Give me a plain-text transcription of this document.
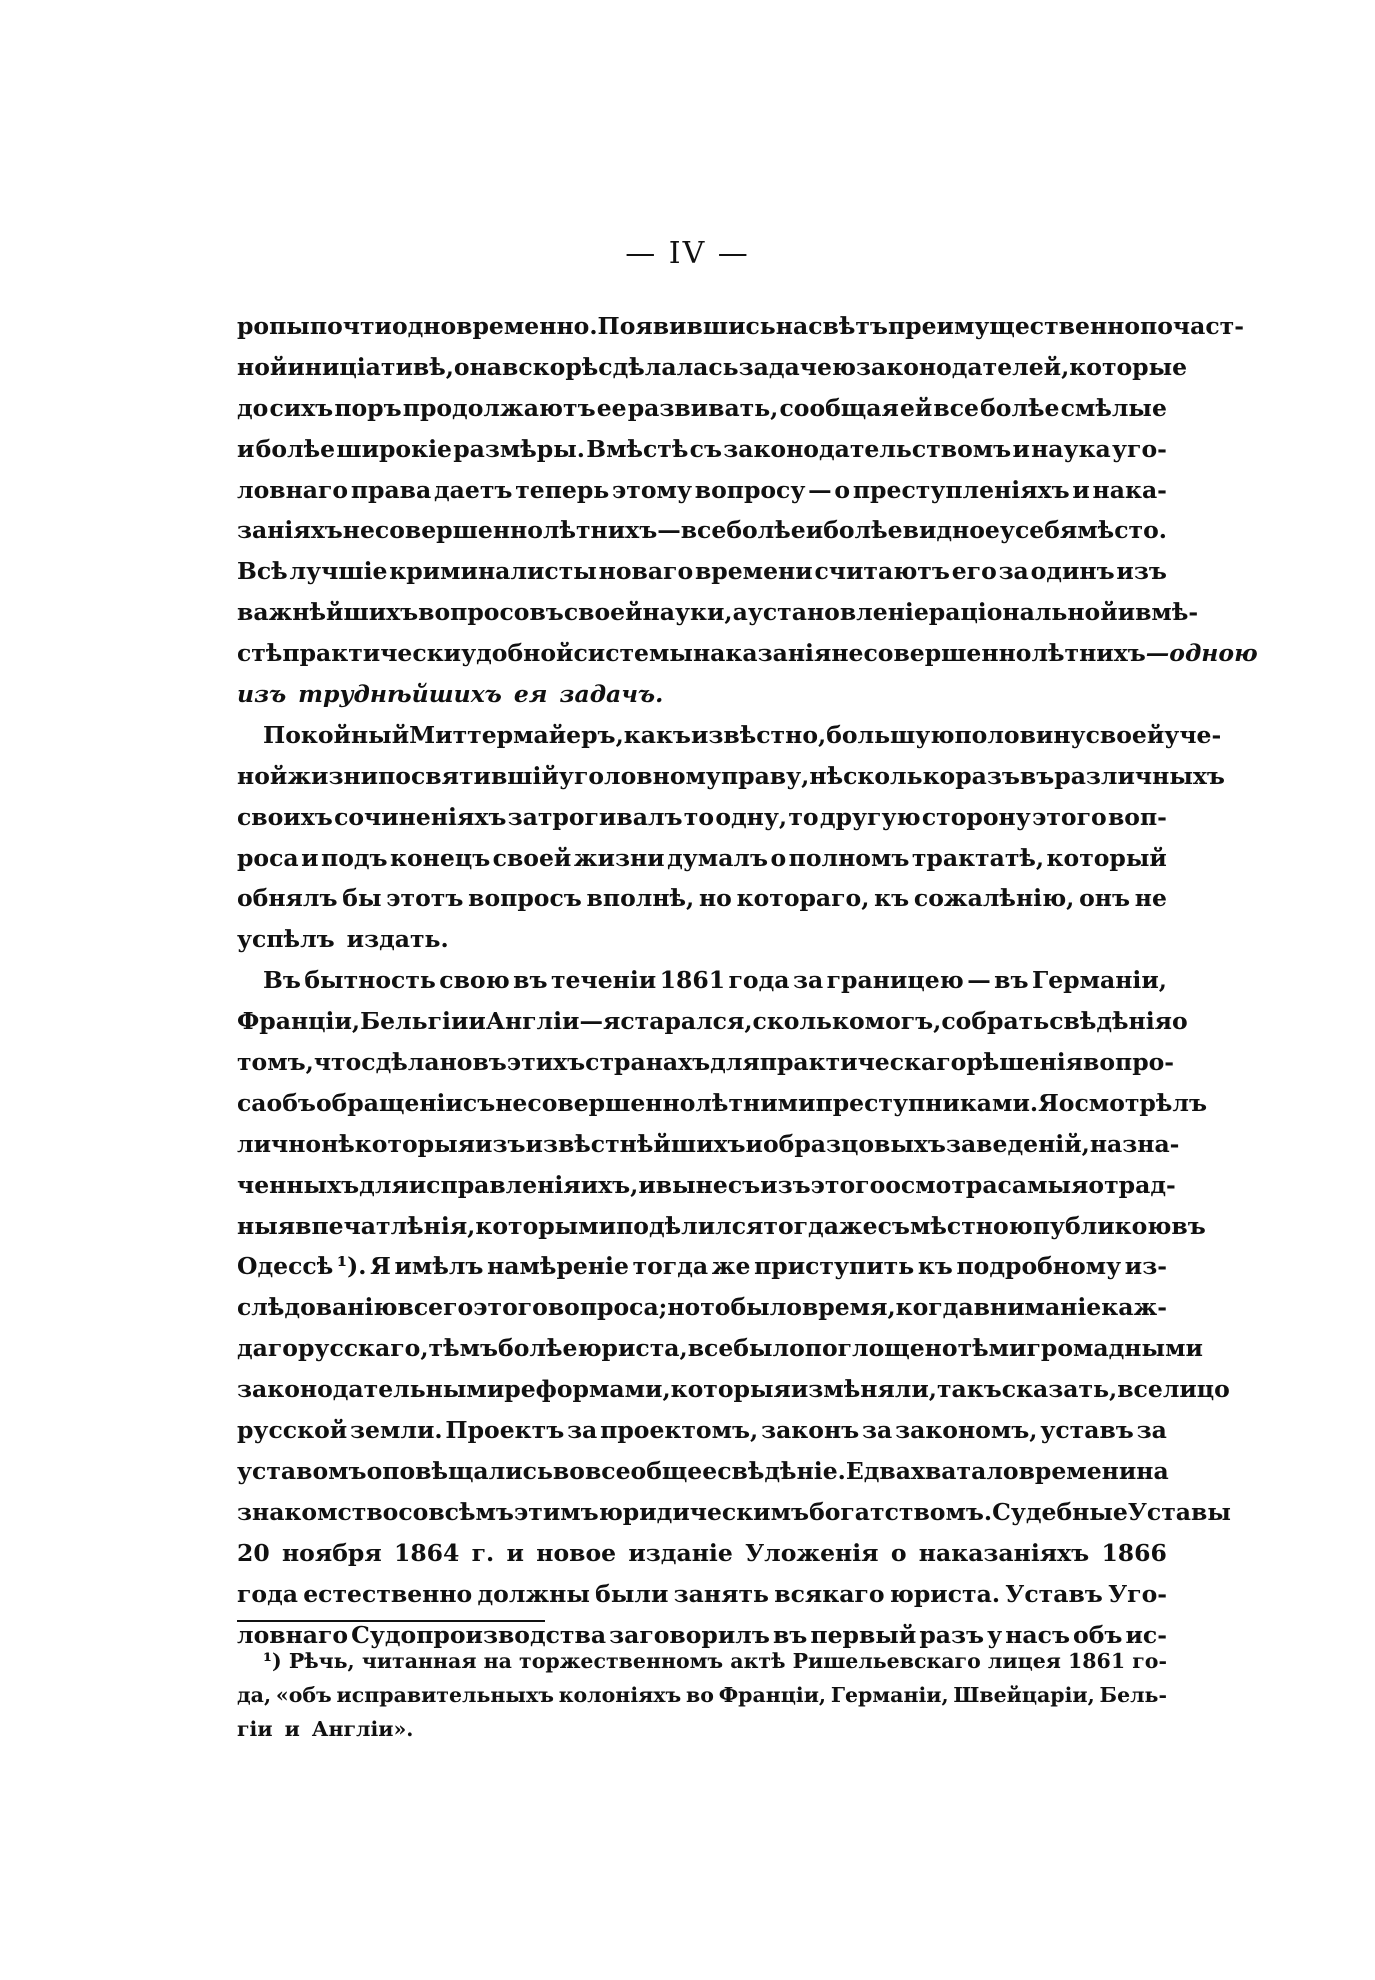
— IV —
ропы почти одновременно. Появившись на свѣтъ преимущественно по част-
ной иниціативѣ, она вскорѣ сдѣлалась задачею законодателей, которые
до сихъ поръ продолжаютъ ее развивать, сообщая ей все болѣе смѣлые
и болѣе широкіе размѣры. Вмѣстѣ съ законодательствомъ и наука уго-
ловнаго права даетъ теперь этому вопросу — о преступленіяхъ и нака-
заніяхъ несовершеннолѣтнихъ—все болѣе и болѣе видное у себя мѣсто.
Всѣ лучшіе криминалисты новаго времени считаютъ его за одинъ изъ
важнѣйшихъ вопросовъ своей науки, а установленіе раціональной и вмѣ-
стѣ практически удобной системы наказанія несовершеннолѣтнихъ—одною
изъ труднѣйшихъ ея задачъ.
Покойный Миттермайеръ, какъ извѣстно, большую половину своей уче-
ной жизни посвятившій уголовному праву, нѣсколько разъ въ различныхъ
своихъ сочиненіяхъ затрогивалъ то одну, то другую сторону этого воп-
роса и подъ конецъ своей жизни думалъ о полномъ трактатѣ, который
обнялъ бы этотъ вопросъ вполнѣ, но котораго, къ сожалѣнію, онъ не
успѣлъ издать.
Въ бытность свою въ теченіи 1861 года за границею — въ Германіи,
Франціи, Бельгіи и Англіи—я старался, сколько могъ, собрать свѣдѣнія о
томъ, что сдѣлано въ этихъ странахъ для практическаго рѣшенія вопро-
са объ обращеніи съ несовершеннолѣтними преступниками. Я осмотрѣлъ
лично нѣкоторыя изъ извѣстнѣйшихъ и образцовыхъ заведеній, назна-
ченныхъ для исправленія ихъ, и вынесъ изъ этого осмотра самыя отрад-
ныя впечатлѣнія, которыми подѣлился тогда же съ мѣстною публикою въ
Одессѣ ¹). Я имѣлъ намѣреніе тогда же приступить къ подробному из-
слѣдованію всего этого вопроса; но то было время, когда вниманіе каж-
даго русскаго, тѣмъ болѣе юриста, все было поглощено тѣми громадными
законодательными реформами, которыя измѣняли, такъ сказать, все лицо
русской земли. Проектъ за проектомъ, законъ за закономъ, уставъ за
уставомъ оповѣщались во всеобщее свѣдѣніе. Едва хватало времени на
знакомство со всѣмъ этимъ юридическимъ богатствомъ. Судебные Уставы
20 ноября 1864 г. и новое изданіе Уложенія о наказаніяхъ 1866
года естественно должны были занять всякаго юриста. Уставъ Уго-
ловнаго Судопроизводства заговорилъ въ первый разъ у насъ объ ис-
¹) Рѣчь, читанная на торжественномъ актѣ Ришельевскаго лицея 1861 го-
да, «объ исправительныхъ колоніяхъ во Франціи, Германіи, Швейцаріи, Бель-
гіи и Англіи».
